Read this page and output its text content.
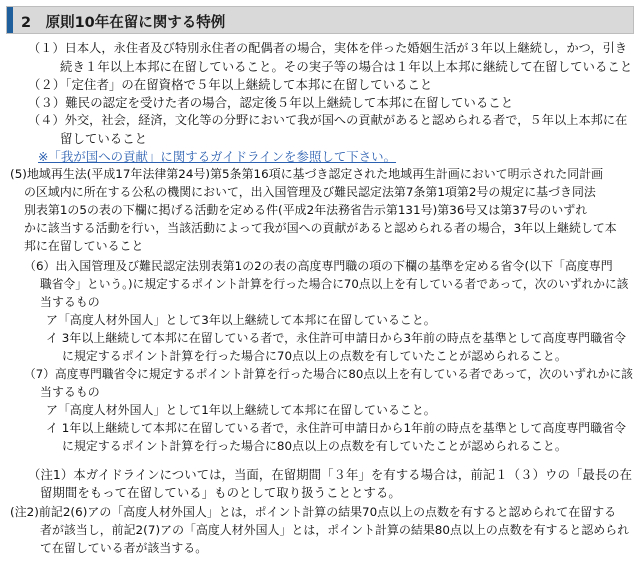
2　原則10年在留に関する特例
（１）日本人，永住者及び特別永住者の配偶者の場合，実体を伴った婚姻生活が３年以上継続し，かつ，引き
続き１年以上本邦に在留していること。その実子等の場合は１年以上本邦に継続して在留していること
（２）「定住者」の在留資格で５年以上継続して本邦に在留していること
（３）難民の認定を受けた者の場合，認定後５年以上継続して本邦に在留していること
（４）外交，社会，経済，文化等の分野において我が国への貢献があると認められる者で，５年以上本邦に在
留していること
※「我が国への貢献」に関するガイドラインを参照して下さい。
(5)地域再生法(平成17年法律第24号)第5条第16項に基づき認定された地域再生計画において明示された同計画
の区域内に所在する公私の機関において，出入国管理及び難民認定法第7条第1項第2号の規定に基づき同法
別表第1の5の表の下欄に掲げる活動を定める件(平成2年法務省告示第131号)第36号又は第37号のいずれ
かに該当する活動を行い，当該活動によって我が国への貢献があると認められる者の場合，3年以上継続して本
邦に在留していること
（6）出入国管理及び難民認定法別表第1の2の表の高度専門職の項の下欄の基準を定める省令(以下「高度専門
職省令」という。)に規定するポイント計算を行った場合に70点以上を有している者であって，次のいずれかに該
当するもの
ア「高度人材外国人」として3年以上継続して本邦に在留していること。
イ 3年以上継続して本邦に在留している者で，永住許可申請日から3年前の時点を基準として高度専門職省令
に規定するポイント計算を行った場合に70点以上の点数を有していたことが認められること。
（7）高度専門職省令に規定するポイント計算を行った場合に80点以上を有している者であって，次のいずれかに該
当するもの
ア「高度人材外国人」として1年以上継続して本邦に在留していること。
イ 1年以上継続して本邦に在留している者で，永住許可申請日から1年前の時点を基準として高度専門職省令
に規定するポイント計算を行った場合に80点以上の点数を有していたことが認められること。
（注1）本ガイドラインについては，当面，在留期間「３年」を有する場合は，前記１（３）ウの「最長の在
留期間をもって在留している」ものとして取り扱うこととする。
(注2)前記2(6)アの「高度人材外国人」とは，ポイント計算の結果70点以上の点数を有すると認められて在留する
者が該当し，前記2(7)アの「高度人材外国人」とは，ポイント計算の結果80点以上の点数を有すると認められ
て在留している者が該当する。
